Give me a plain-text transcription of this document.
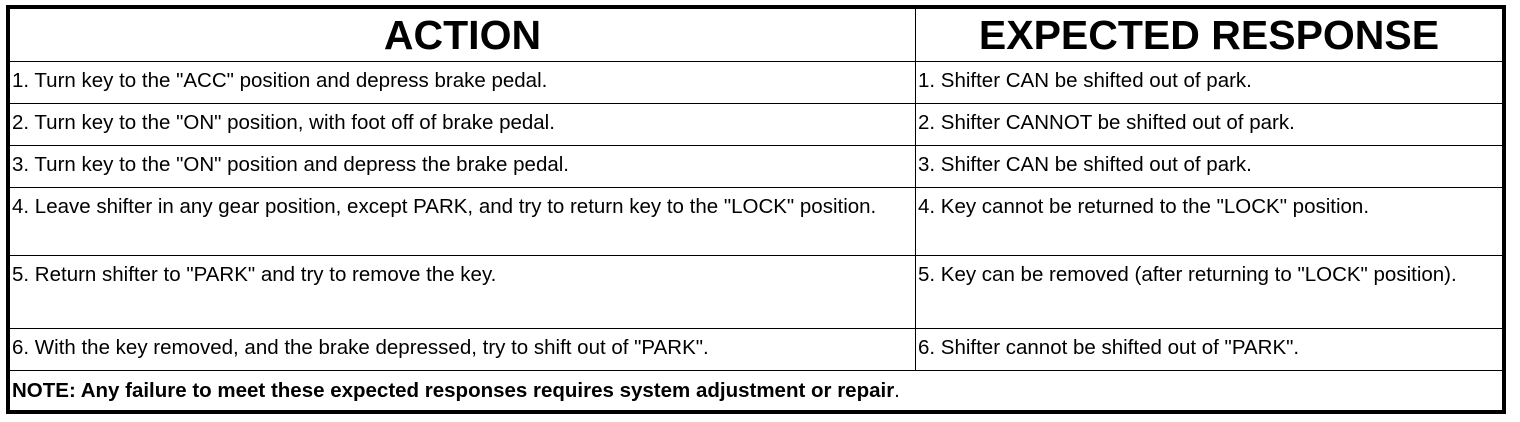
ACTION	EXPECTED RESPONSE
1. Turn key to the "ACC" position and depress brake pedal.	1. Shifter CAN be shifted out of park.
2. Turn key to the "ON" position, with foot off of brake pedal.	2. Shifter CANNOT be shifted out of park.
3. Turn key to the "ON" position and depress the brake pedal.	3. Shifter CAN be shifted out of park.
4. Leave shifter in any gear position, except PARK, and try to return key to the "LOCK" position.	4. Key cannot be returned to the "LOCK" position.
5. Return shifter to "PARK" and try to remove the key.	5. Key can be removed (after returning to "LOCK" position).
6. With the key removed, and the brake depressed, try to shift out of "PARK".	6. Shifter cannot be shifted out of "PARK".
NOTE: Any failure to meet these expected responses requires system adjustment or repair.	
